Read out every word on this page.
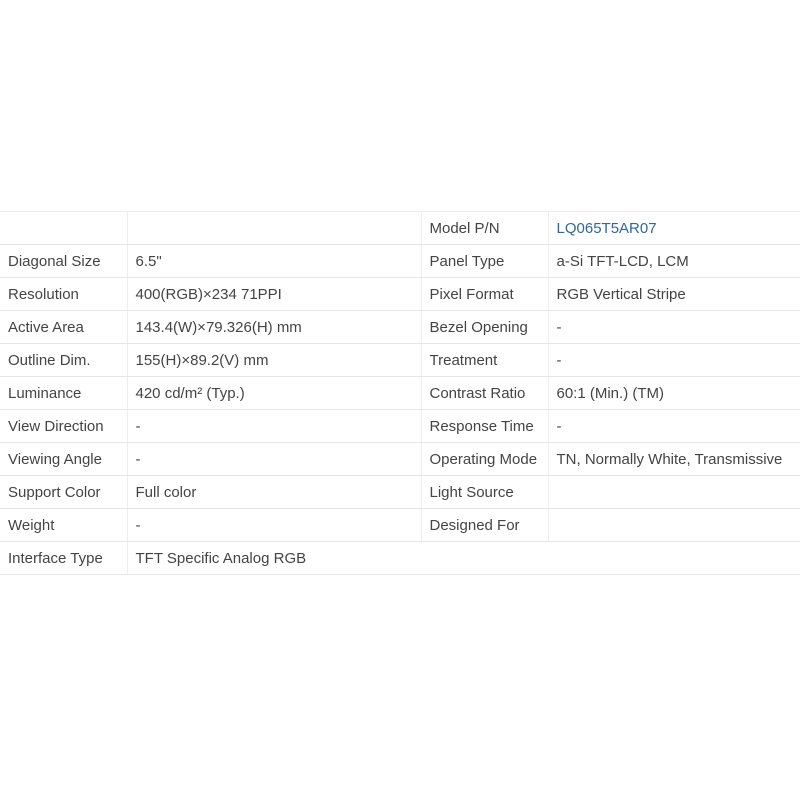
		Model P/N	LQ065T5AR07
Diagonal Size	6.5"	Panel Type	a-Si TFT-LCD, LCM
Resolution	400(RGB)×234 71PPI	Pixel Format	RGB Vertical Stripe
Active Area	143.4(W)×79.326(H) mm	Bezel Opening	-
Outline Dim.	155(H)×89.2(V) mm	Treatment	-
Luminance	420 cd/m² (Typ.)	Contrast Ratio	60:1 (Min.) (TM)
View Direction	-	Response Time	-
Viewing Angle	-	Operating Mode	TN, Normally White, Transmissive
Support Color	Full color	Light Source	
Weight	-	Designed For	
Interface Type	TFT Specific Analog RGB		
